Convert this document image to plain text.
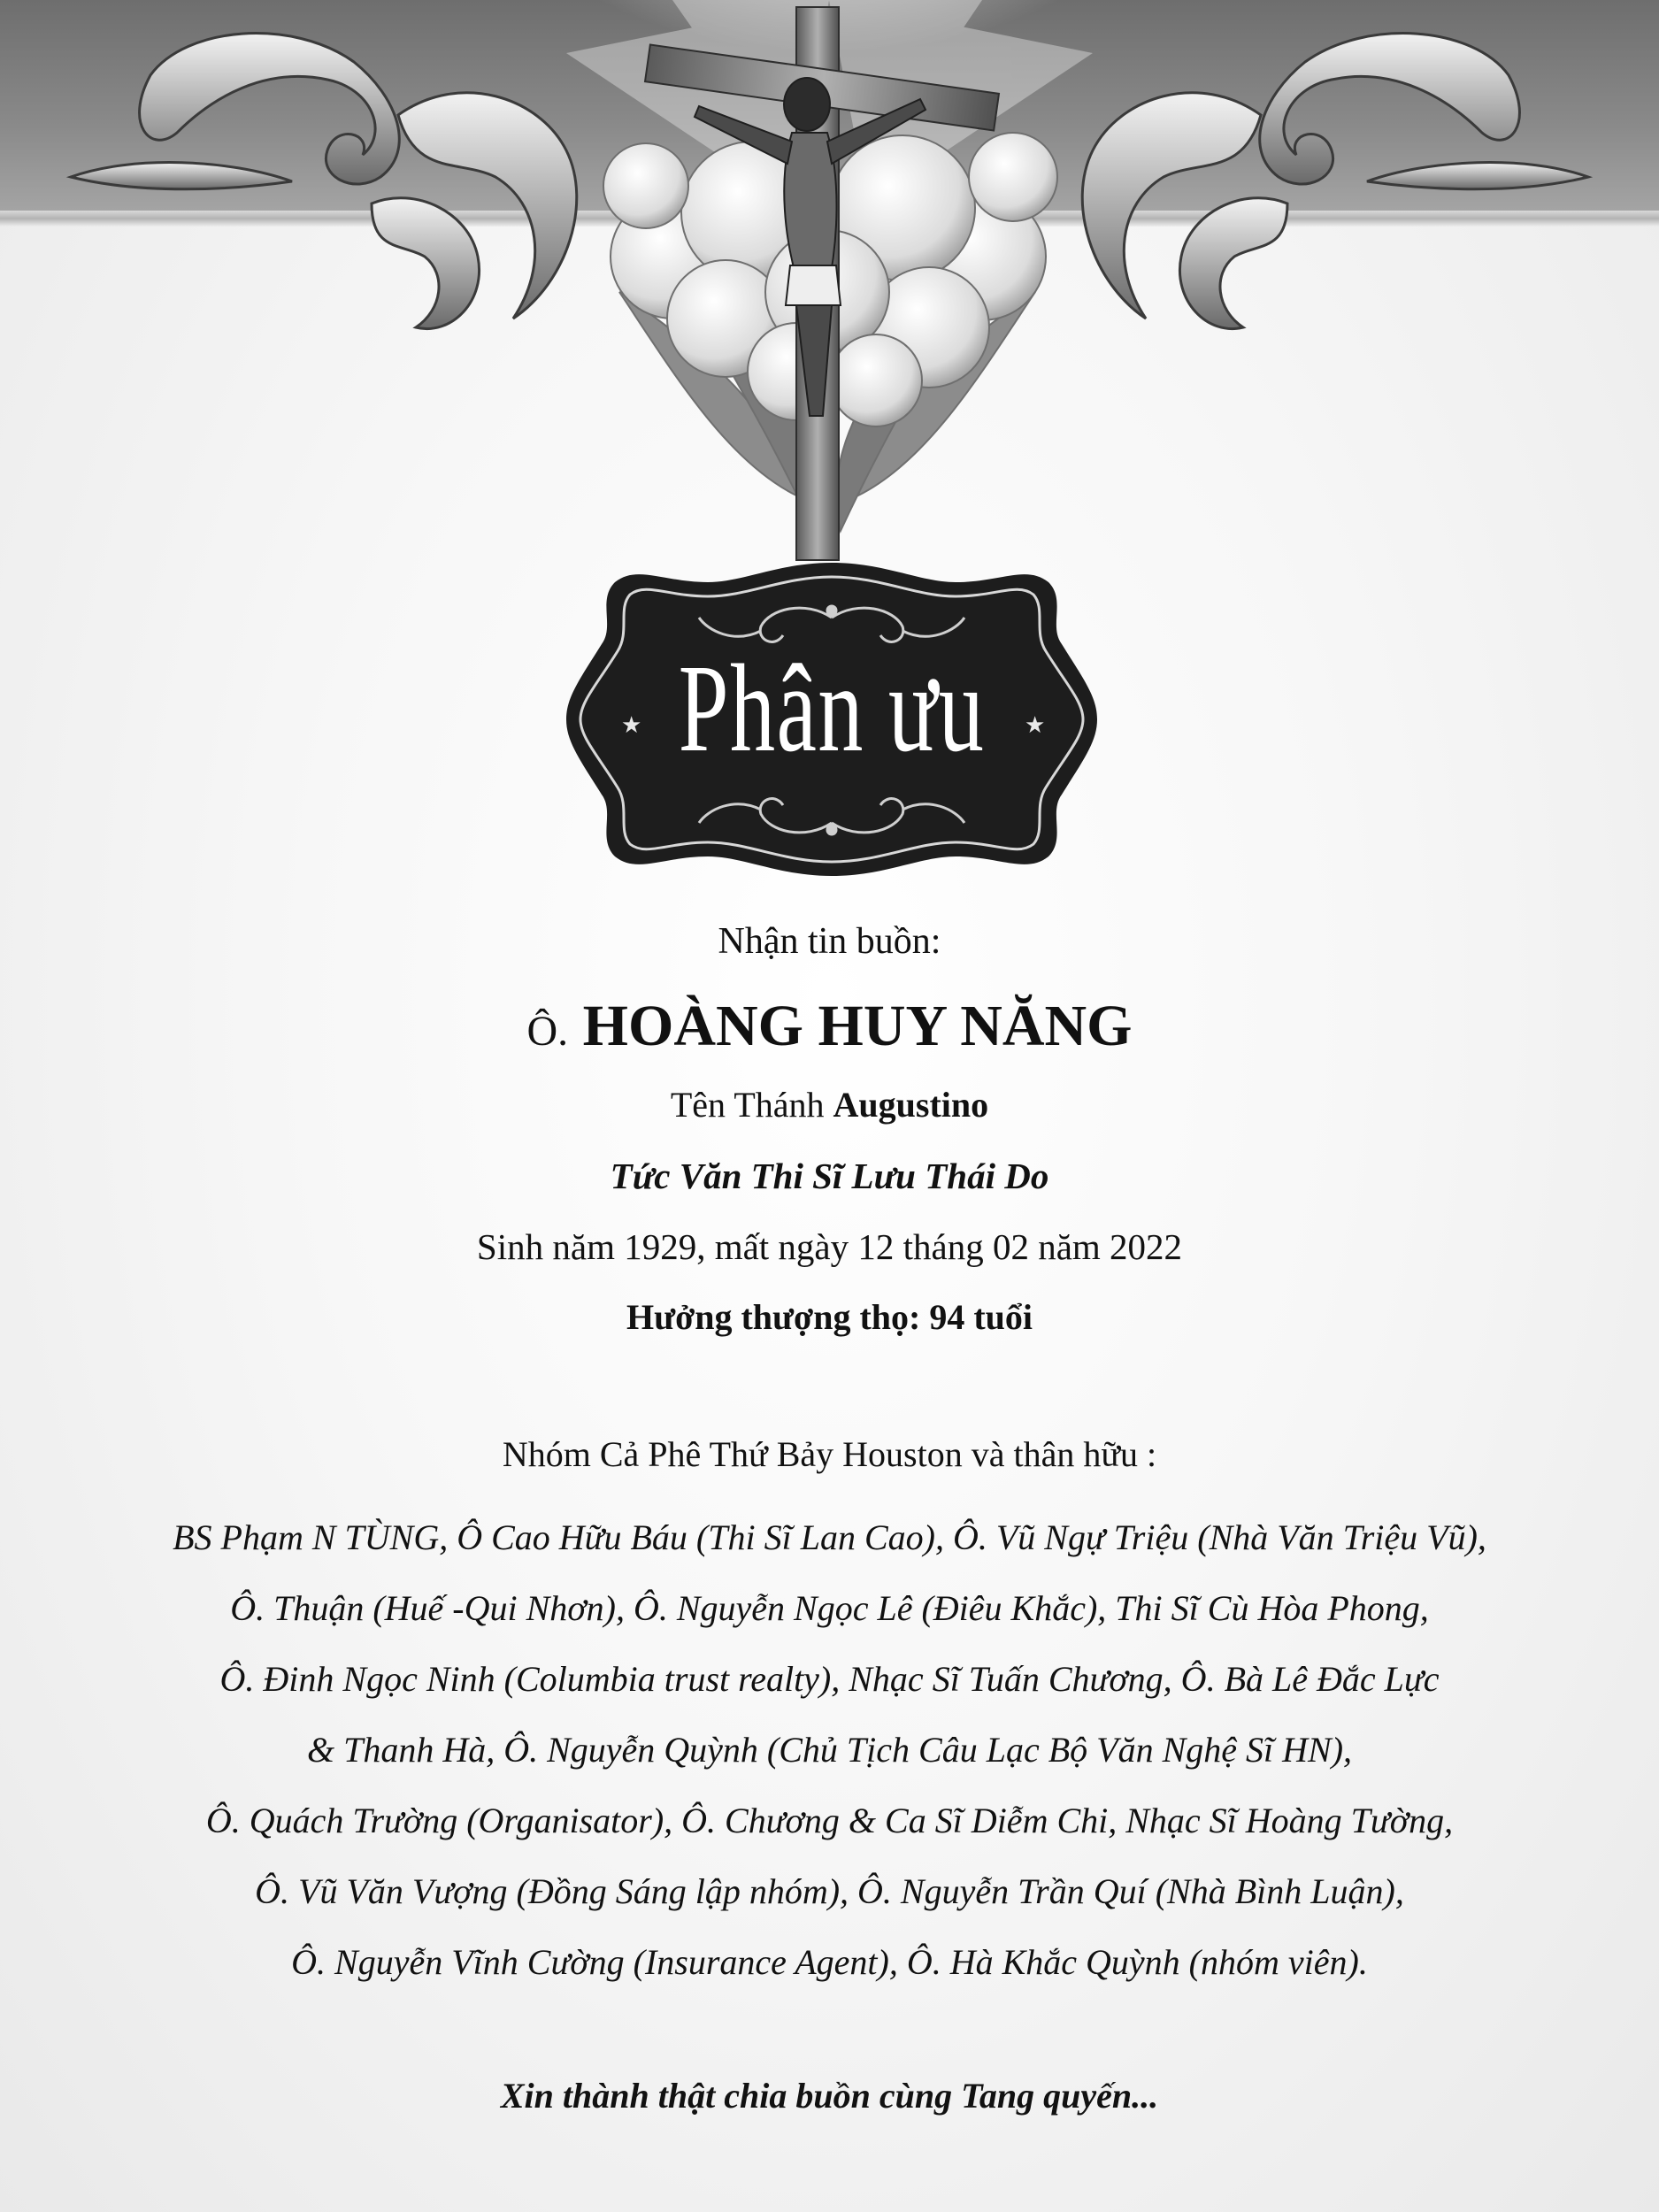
★	★
Phân ưu
Nhận tin buồn:
Ô. HOÀNG HUY NĂNG
Tên Thánh Augustino
Tức Văn Thi Sĩ Lưu Thái Do
Sinh năm 1929, mất ngày 12 tháng 02 năm 2022
Hưởng thượng thọ: 94 tuổi
Nhóm Cả Phê Thứ Bảy Houston và thân hữu :
BS Phạm N TÙNG, Ô Cao Hữu Báu (Thi Sĩ Lan Cao), Ô. Vũ Ngự Triệu (Nhà Văn Triệu Vũ),
Ô. Thuận (Huế -Qui Nhơn), Ô. Nguyễn Ngọc Lê (Điêu Khắc), Thi Sĩ Cù Hòa Phong,
Ô. Đinh Ngọc Ninh (Columbia trust realty), Nhạc Sĩ Tuấn Chương, Ô. Bà Lê Đắc Lực
& Thanh Hà, Ô. Nguyễn Quỳnh (Chủ Tịch Câu Lạc Bộ Văn Nghệ Sĩ HN),
Ô. Quách Trường (Organisator), Ô. Chương & Ca Sĩ Diễm Chi, Nhạc Sĩ Hoàng Tường,
Ô. Vũ Văn Vượng (Đồng Sáng lập nhóm), Ô. Nguyễn Trần Quí (Nhà Bình Luận),
Ô. Nguyễn Vĩnh Cường (Insurance Agent), Ô. Hà Khắc Quỳnh (nhóm viên).
Xin thành thật chia buồn cùng Tang quyến...
